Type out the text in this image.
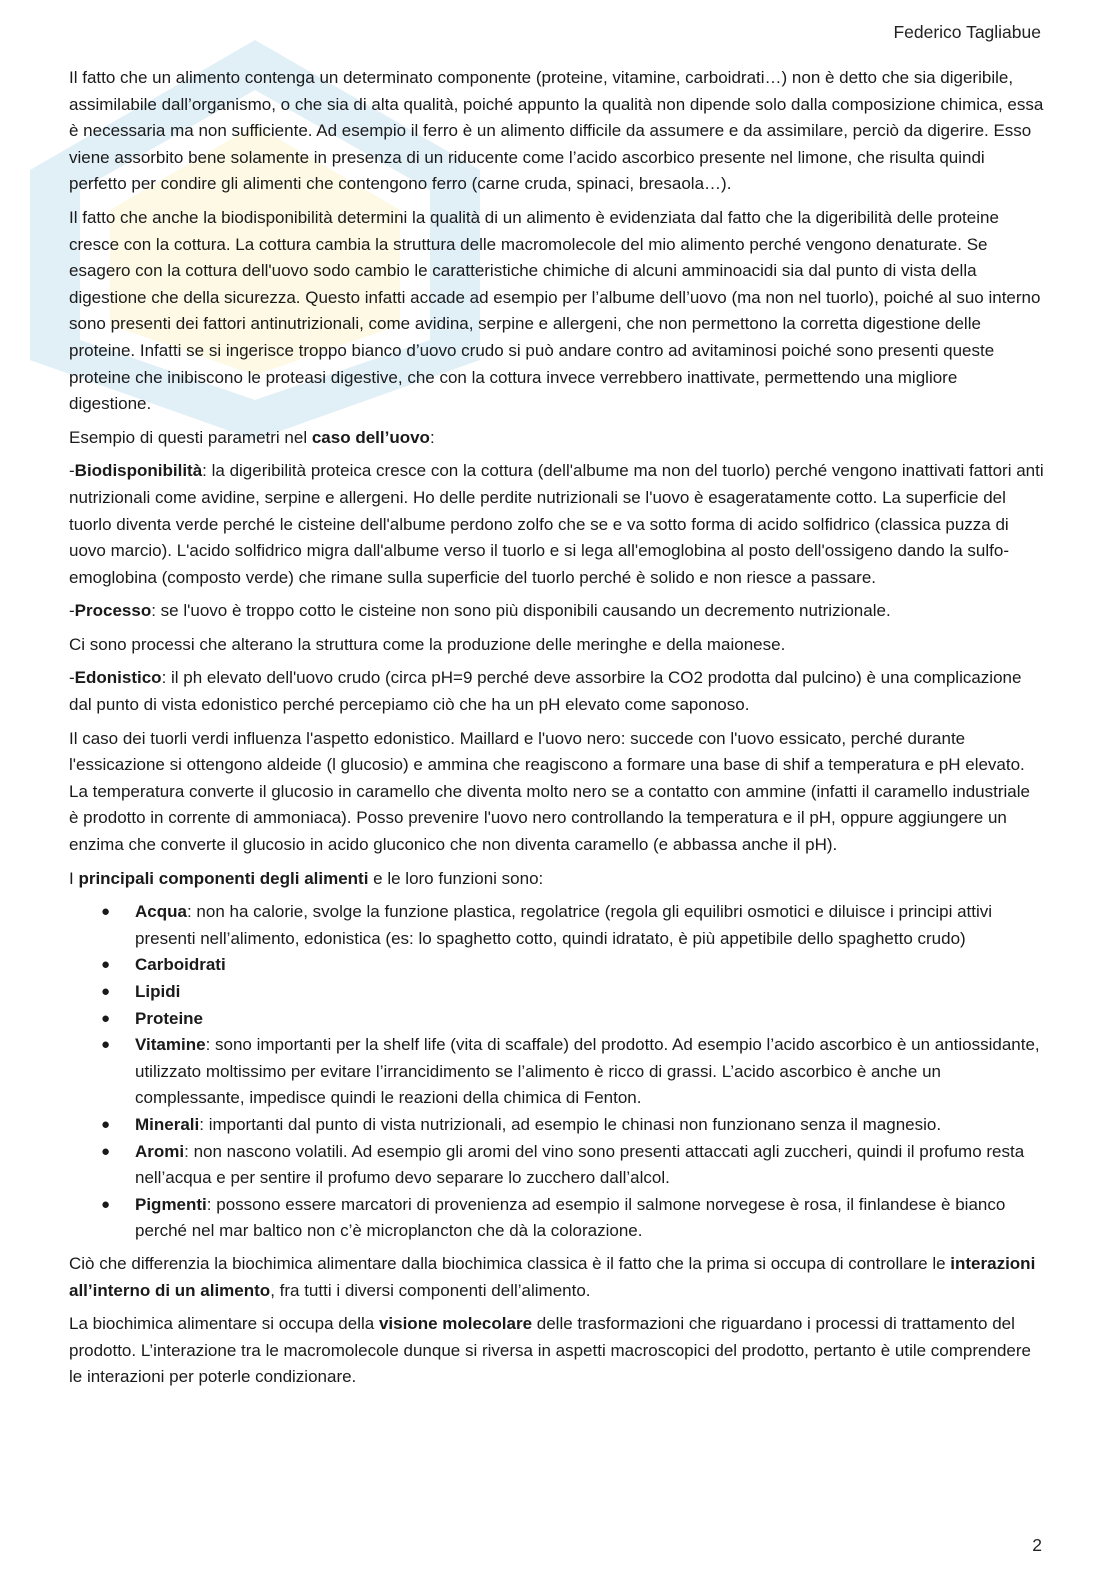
Federico Tagliabue

Il fatto che un alimento contenga un determinato componente (proteine, vitamine, carboidrati…) non è detto che sia digeribile, assimilabile dall’organismo, o che sia di alta qualità, poiché appunto la qualità non dipende solo dalla composizione chimica, essa è necessaria ma non sufficiente. Ad esempio il ferro è un alimento difficile da assumere e da assimilare, perciò da digerire. Esso viene assorbito bene solamente in presenza di un riducente come l’acido ascorbico presente nel limone, che risulta quindi perfetto per condire gli alimenti che contengono ferro (carne cruda, spinaci, bresaola…).

Il fatto che anche la biodisponibilità determini la qualità di un alimento è evidenziata dal fatto che la digeribilità delle proteine cresce con la cottura. La cottura cambia la struttura delle macromolecole del mio alimento perché vengono denaturate. Se esagero con la cottura dell'uovo sodo cambio le caratteristiche chimiche di alcuni amminoacidi sia dal punto di vista della digestione che della sicurezza. Questo infatti accade ad esempio per l’albume dell’uovo (ma non nel tuorlo), poiché al suo interno sono presenti dei fattori antinutrizionali, come avidina, serpine e allergeni, che non permettono la corretta digestione delle proteine. Infatti se si ingerisce troppo bianco d’uovo crudo si può andare contro ad avitaminosi poiché sono presenti queste proteine che inibiscono le proteasi digestive, che con la cottura invece verrebbero inattivate, permettendo una migliore digestione.

Esempio di questi parametri nel caso dell’uovo:

-Biodisponibilità: la digeribilità proteica cresce con la cottura (dell'albume ma non del tuorlo) perché vengono inattivati fattori anti nutrizionali come avidine, serpine e allergeni. Ho delle perdite nutrizionali se l'uovo è esageratamente cotto. La superficie del tuorlo diventa verde perché le cisteine dell'albume perdono zolfo che se e va sotto forma di acido solfidrico (classica puzza di uovo marcio). L'acido solfidrico migra dall'albume verso il tuorlo e si lega all'emoglobina al posto dell'ossigeno dando la sulfo-emoglobina (composto verde) che rimane sulla superficie del tuorlo perché è solido e non riesce a passare.

-Processo: se l'uovo è troppo cotto le cisteine non sono più disponibili causando un decremento nutrizionale.

Ci sono processi che alterano la struttura come la produzione delle meringhe e della maionese.

-Edonistico: il ph elevato dell'uovo crudo (circa pH=9 perché deve assorbire la CO2 prodotta dal pulcino) è una complicazione dal punto di vista edonistico perché percepiamo ciò che ha un pH elevato come saponoso.

Il caso dei tuorli verdi influenza l'aspetto edonistico. Maillard e l'uovo nero: succede con l'uovo essicato, perché durante l'essicazione si ottengono aldeide (l glucosio) e ammina che reagiscono a formare una base di shif a temperatura e pH elevato. La temperatura converte il glucosio in caramello che diventa molto nero se a contatto con ammine (infatti il caramello industriale è prodotto in corrente di ammoniaca). Posso prevenire l'uovo nero controllando la temperatura e il pH, oppure aggiungere un enzima che converte il glucosio in acido gluconico che non diventa caramello (e abbassa anche il pH).

I principali componenti degli alimenti e le loro funzioni sono:

● Acqua: non ha calorie, svolge la funzione plastica, regolatrice (regola gli equilibri osmotici e diluisce i principi attivi presenti nell’alimento, edonistica (es: lo spaghetto cotto, quindi idratato, è più appetibile dello spaghetto crudo)
● Carboidrati
● Lipidi
● Proteine
● Vitamine: sono importanti per la shelf life (vita di scaffale) del prodotto. Ad esempio l’acido ascorbico è un antiossidante, utilizzato moltissimo per evitare l’irrancidimento se l’alimento è ricco di grassi. L’acido ascorbico è anche un complessante, impedisce quindi le reazioni della chimica di Fenton.
● Minerali: importanti dal punto di vista nutrizionali, ad esempio le chinasi non funzionano senza il magnesio.
● Aromi: non nascono volatili. Ad esempio gli aromi del vino sono presenti attaccati agli zuccheri, quindi il profumo resta nell’acqua e per sentire il profumo devo separare lo zucchero dall’alcol.
● Pigmenti: possono essere marcatori di provenienza ad esempio il salmone norvegese è rosa, il finlandese è bianco perché nel mar baltico non c’è microplancton che dà la colorazione.

Ciò che differenzia la biochimica alimentare dalla biochimica classica è il fatto che la prima si occupa di controllare le interazioni all’interno di un alimento, fra tutti i diversi componenti dell’alimento.

La biochimica alimentare si occupa della visione molecolare delle trasformazioni che riguardano i processi di trattamento del prodotto. L’interazione tra le macromolecole dunque si riversa in aspetti macroscopici del prodotto, pertanto è utile comprendere le interazioni per poterle condizionare.

2
